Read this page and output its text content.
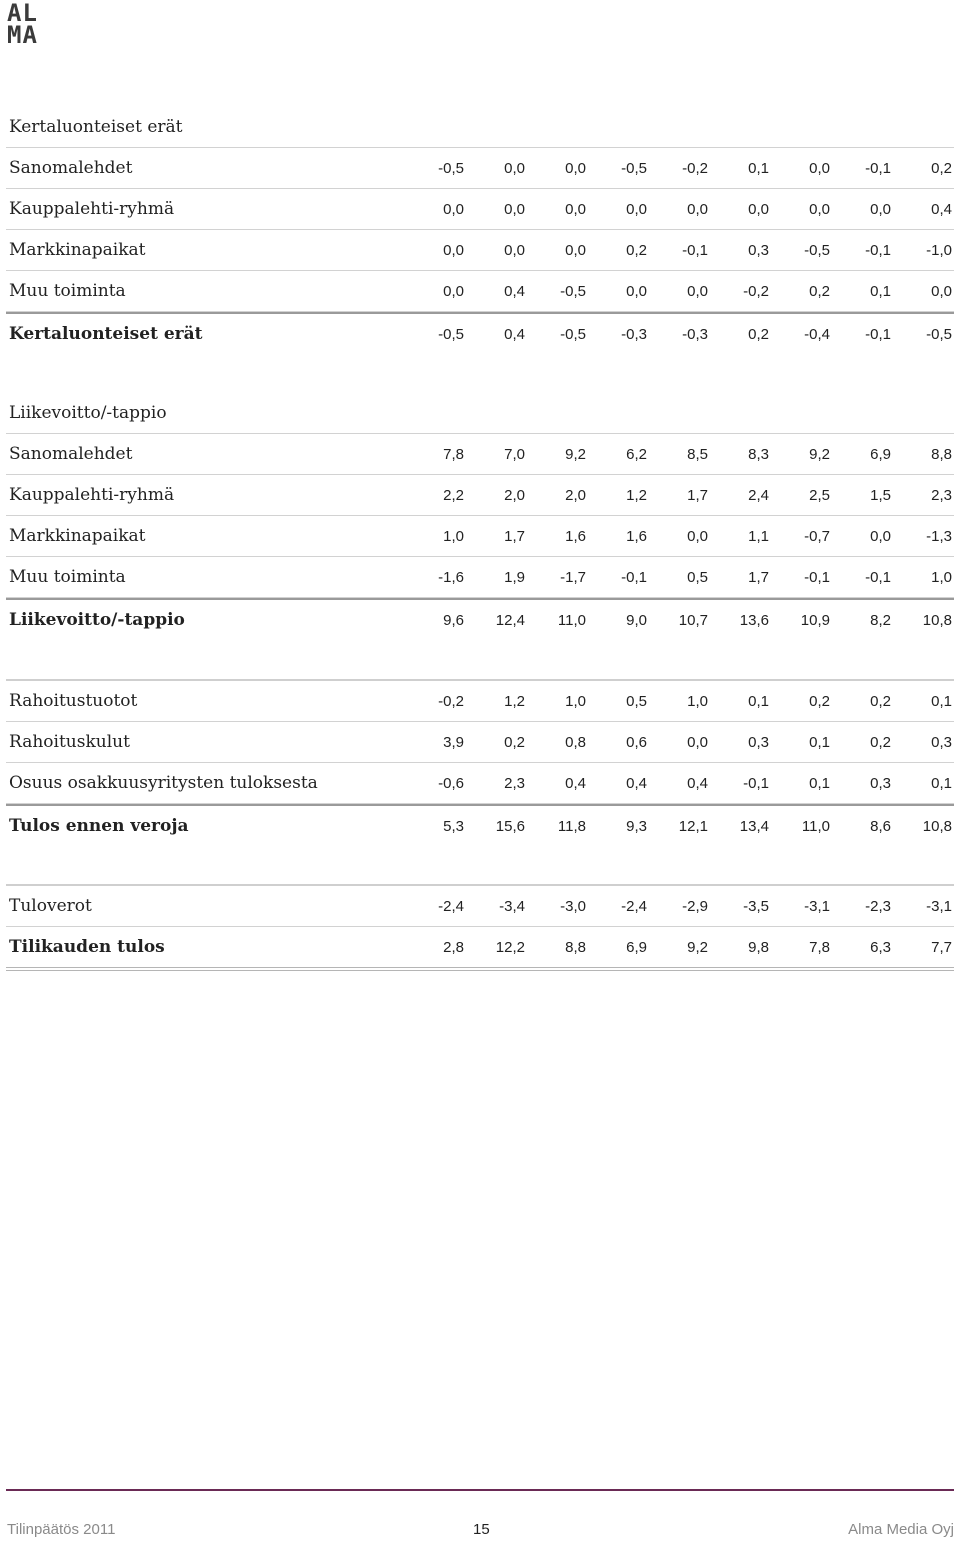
AL
MA
Kertaluonteiset erät
Sanomalehdet	-0,5	0,0	0,0	-0,5	-0,2	0,1	0,0	-0,1	0,2
Kauppalehti-ryhmä	0,0	0,0	0,0	0,0	0,0	0,0	0,0	0,0	0,4
Markkinapaikat	0,0	0,0	0,0	0,2	-0,1	0,3	-0,5	-0,1	-1,0
Muu toiminta	0,0	0,4	-0,5	0,0	0,0	-0,2	0,2	0,1	0,0
Kertaluonteiset erät	-0,5	0,4	-0,5	-0,3	-0,3	0,2	-0,4	-0,1	-0,5
Liikevoitto/-tappio
Sanomalehdet	7,8	7,0	9,2	6,2	8,5	8,3	9,2	6,9	8,8
Kauppalehti-ryhmä	2,2	2,0	2,0	1,2	1,7	2,4	2,5	1,5	2,3
Markkinapaikat	1,0	1,7	1,6	1,6	0,0	1,1	-0,7	0,0	-1,3
Muu toiminta	-1,6	1,9	-1,7	-0,1	0,5	1,7	-0,1	-0,1	1,0
Liikevoitto/-tappio	9,6	12,4	11,0	9,0	10,7	13,6	10,9	8,2	10,8
Rahoitustuotot	-0,2	1,2	1,0	0,5	1,0	0,1	0,2	0,2	0,1
Rahoituskulut	3,9	0,2	0,8	0,6	0,0	0,3	0,1	0,2	0,3
Osuus osakkuusyritysten tuloksesta	-0,6	2,3	0,4	0,4	0,4	-0,1	0,1	0,3	0,1
Tulos ennen veroja	5,3	15,6	11,8	9,3	12,1	13,4	11,0	8,6	10,8
Tuloverot	-2,4	-3,4	-3,0	-2,4	-2,9	-3,5	-3,1	-2,3	-3,1
Tilikauden tulos	2,8	12,2	8,8	6,9	9,2	9,8	7,8	6,3	7,7
Tilinpäätös 2011	15	Alma Media Oyj
